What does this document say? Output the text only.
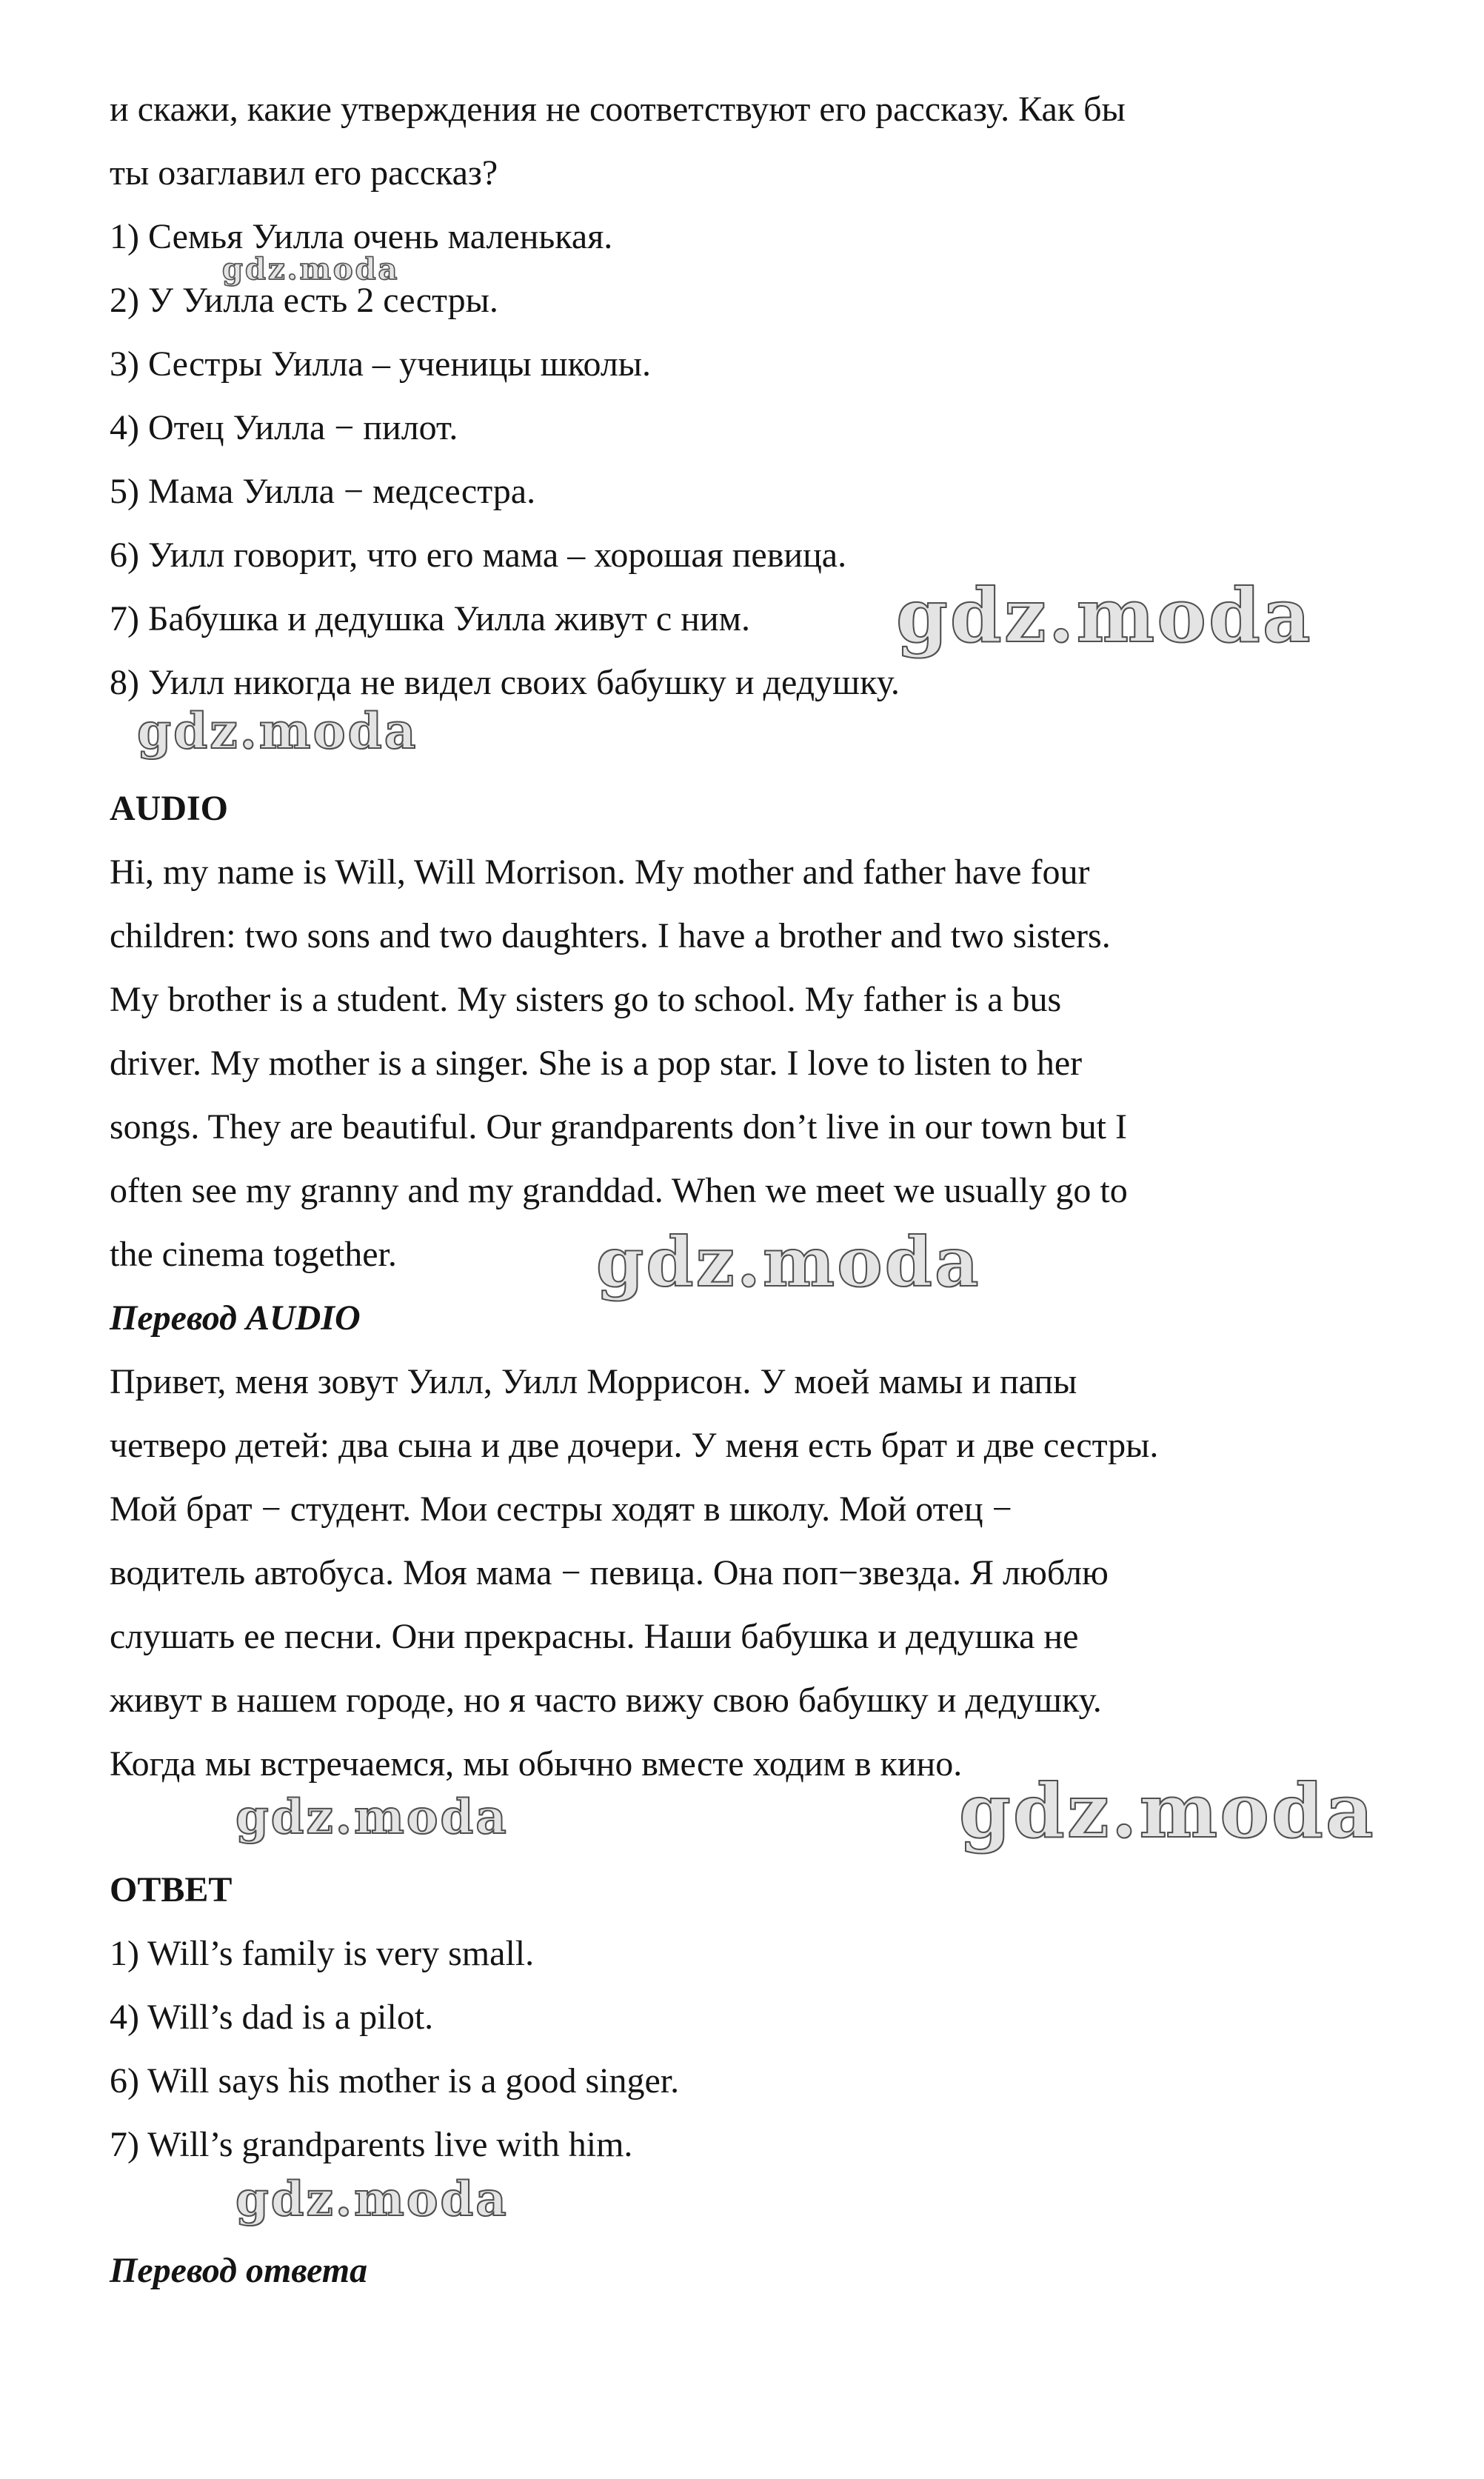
gdz.moda
gdz.moda
gdz.moda
gdz.moda
gdz.moda	gdz.moda
gdz.moda

и скажи, какие утверждения не соответствуют его рассказу. Как бы

ты озаглавил его рассказ?

1) Семья Уилла очень маленькая.

2) У Уилла есть 2 сестры.

3) Сестры Уилла – ученицы школы.

4) Отец Уилла − пилот.

5) Мама Уилла − медсестра.

6) Уилл говорит, что его мама – хорошая певица.

7) Бабушка и дедушка Уилла живут с ним.

8) Уилл никогда не видел своих бабушку и дедушку.

AUDIO

Hi, my name is Will, Will Morrison. My mother and father have four

children: two sons and two daughters. I have a brother and two sisters.

My brother is a student. My sisters go to school. My father is a bus

driver. My mother is a singer. She is a pop star. I love to listen to her

songs. They are beautiful. Our grandparents don’t live in our town but I

often see my granny and my granddad. When we meet we usually go to

the cinema together.

Перевод AUDIO

Привет, меня зовут Уилл, Уилл Моррисон. У моей мамы и папы

четверо детей: два сына и две дочери. У меня есть брат и две сестры.

Мой брат − студент. Мои сестры ходят в школу. Мой отец −

водитель автобуса. Моя мама − певица. Она поп−звезда. Я люблю

слушать ее песни. Они прекрасны. Наши бабушка и дедушка не

живут в нашем городе, но я часто вижу свою бабушку и дедушку.

Когда мы встречаемся, мы обычно вместе ходим в кино.

ОТВЕТ

1) Will’s family is very small.

4) Will’s dad is a pilot.

6) Will says his mother is a good singer.

7) Will’s grandparents live with him.

Перевод ответа
